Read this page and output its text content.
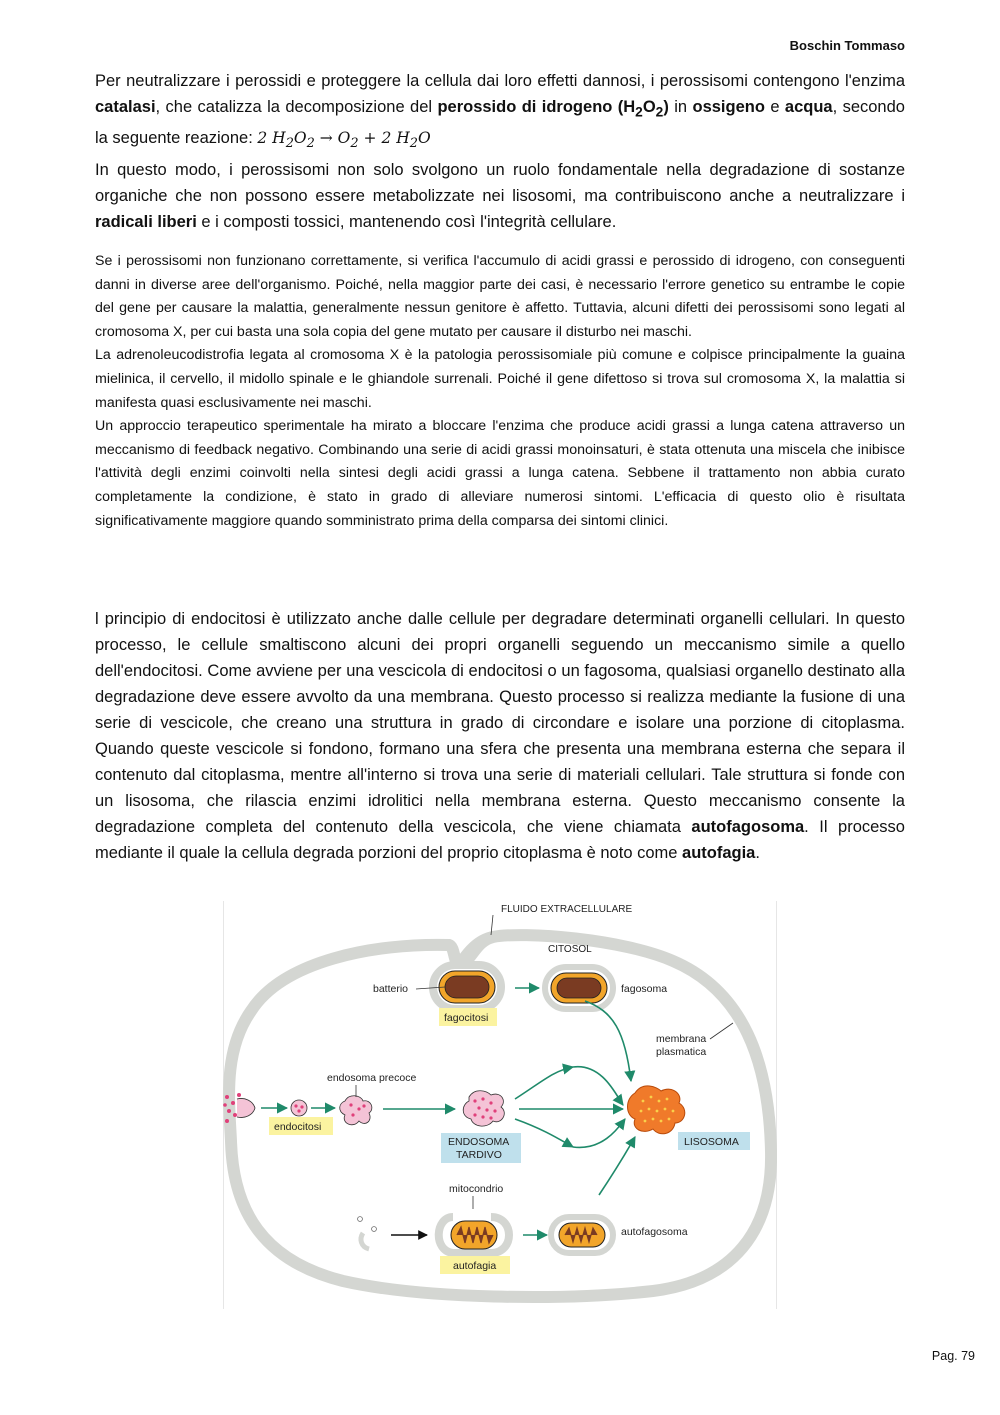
Boschin Tommaso

Per neutralizzare i perossidi e proteggere la cellula dai loro effetti dannosi, i perossisomi contengono l'enzima catalasi, che catalizza la decomposizione del perossido di idrogeno $(H_2O_2)$ in ossigeno e acqua, secondo la seguente reazione: 2 $H_2O_2 \to O_2 + 2$ $H_2O$

In questo modo, i perossisomi non solo svolgono un ruolo fondamentale nella degradazione di sostanze organiche che non possono essere metabolizzate nei lisosomi, ma contribuiscono anche a neutralizzare i radicali liberi e i composti tossici, mantenendo così l'integrità cellulare.

Se i perossisomi non funzionano correttamente, si verifica l'accumulo di acidi grassi e perossido di idrogeno, con conseguenti danni in diverse aree dell'organismo. Poiché, nella maggior parte dei casi, è necessario l'errore genetico su entrambe le copie del gene per causare la malattia, generalmente nessun genitore è affetto. Tuttavia, alcuni difetti dei perossisomi sono legati al cromosoma X, per cui basta una sola copia del gene mutato per causare il disturbo nei maschi.

La adrenoleucodistrofia legata al cromosoma X è la patologia perossisomiale più comune e colpisce principalmente la guaina mielinica, il cervello, il midollo spinale e le ghiandole surrenali. Poiché il gene difettoso si trova sul cromosoma X, la malattia si manifesta quasi esclusivamente nei maschi.

Un approccio terapeutico sperimentale ha mirato a bloccare l'enzima che produce acidi grassi a lunga catena attraverso un meccanismo di feedback negativo. Combinando una serie di acidi grassi monoinsaturi, è stata ottenuta una miscela che inibisce l'attività degli enzimi coinvolti nella sintesi degli acidi grassi a lunga catena. Sebbene il trattamento non abbia curato completamente la condizione, è stato in grado di alleviare numerosi sintomi. L'efficacia di questo olio è risultata significativamente maggiore quando somministrato prima della comparsa dei sintomi clinici.

l principio di endocitosi è utilizzato anche dalle cellule per degradare determinati organelli cellulari. In questo processo, le cellule smaltiscono alcuni dei propri organelli seguendo un meccanismo simile a quello dell'endocitosi. Come avviene per una vescicola di endocitosi o un fagosoma, qualsiasi organello destinato alla degradazione deve essere avvolto da una membrana. Questo processo si realizza mediante la fusione di una serie di vescicole, che creano una struttura in grado di circondare e isolare una porzione di citoplasma. Quando queste vescicole si fondono, formano una sfera che presenta una membrana esterna che separa il contenuto dal citoplasma, mentre all'interno si trova una serie di materiali cellulari. Tale struttura si fonde con un lisosoma, che rilascia enzimi idrolitici nella membrana esterna. Questo meccanismo consente la degradazione completa del contenuto della vescicola, che viene chiamata autofagosoma. Il processo mediante il quale la cellula degrada porzioni del proprio citoplasma è noto come autofagia.

FLUIDO EXTRACELLULARE
CITOSOL
batterio
fagocitosi
fagosoma
membrana
plasmatica
endosoma precoce
endocitosi
ENDOSOMA
TARDIVO
LISOSOMA
mitocondrio
autofagosoma
autofagia
Pag. 79
